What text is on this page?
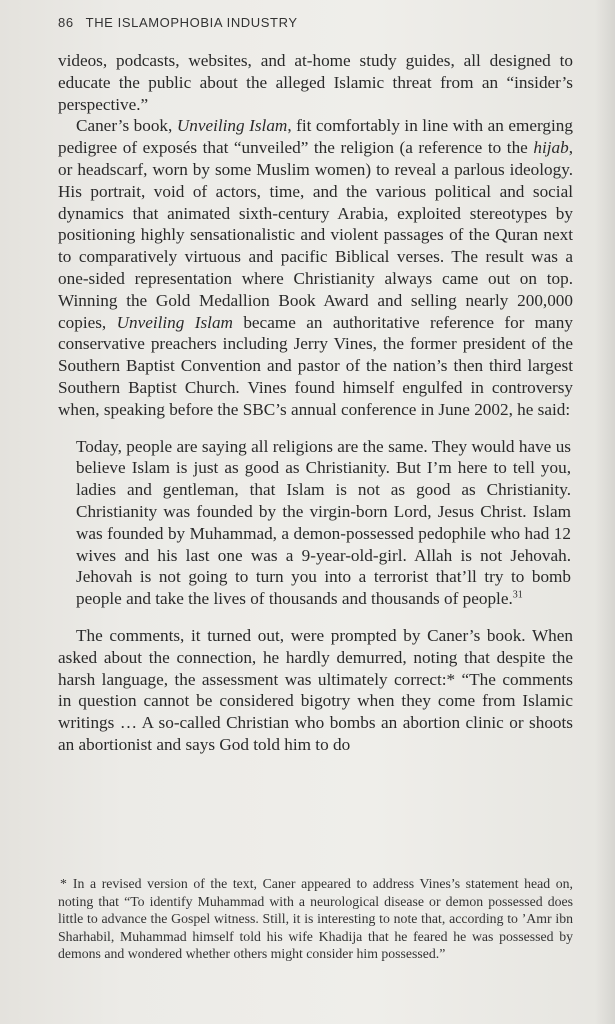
86 THE ISLAMOPHOBIA INDUSTRY

videos, podcasts, websites, and at-home study guides, all designed to educate the public about the alleged Islamic threat from an “insider’s perspective.”

Caner’s book, Unveiling Islam, fit comfortably in line with an emerging pedigree of exposés that “unveiled” the religion (a reference to the hijab, or headscarf, worn by some Muslim women) to reveal a parlous ideology. His portrait, void of actors, time, and the various political and social dynamics that animated sixth-century Arabia, exploited stereotypes by positioning highly sensationalistic and violent passages of the Quran next to comparatively virtuous and pacific Biblical verses. The result was a one-sided representation where Christianity always came out on top. Winning the Gold Medallion Book Award and selling nearly 200,000 copies, Unveiling Islam became an authoritative reference for many conservative preachers including Jerry Vines, the former president of the Southern Baptist Convention and pastor of the nation’s then third largest Southern Baptist Church. Vines found himself engulfed in controversy when, speaking before the SBC’s annual conference in June 2002, he said:

Today, people are saying all religions are the same. They would have us believe Islam is just as good as Christianity. But I’m here to tell you, ladies and gentleman, that Islam is not as good as Christianity. Christianity was founded by the virgin-born Lord, Jesus Christ. Islam was founded by Muhammad, a demon-possessed pedophile who had 12 wives and his last one was a 9-year-old-girl. Allah is not Jehovah. Jehovah is not going to turn you into a terrorist that’ll try to bomb people and take the lives of thousands and thousands of people.$^{31}$

The comments, it turned out, were prompted by Caner’s book. When asked about the connection, he hardly demurred, noting that despite the harsh language, the assessment was ultimately correct:* “The comments in question cannot be considered bigotry when they come from Islamic writings … A so-called Christian who bombs an abortion clinic or shoots an abortionist and says God told him to do

* In a revised version of the text, Caner appeared to address Vines’s statement head on, noting that “To identify Muhammad with a neurological disease or demon possessed does little to advance the Gospel witness. Still, it is interesting to note that, according to ’Amr ibn Sharhabil, Muhammad himself told his wife Khadija that he feared he was possessed by demons and wondered whether others might consider him possessed.”
